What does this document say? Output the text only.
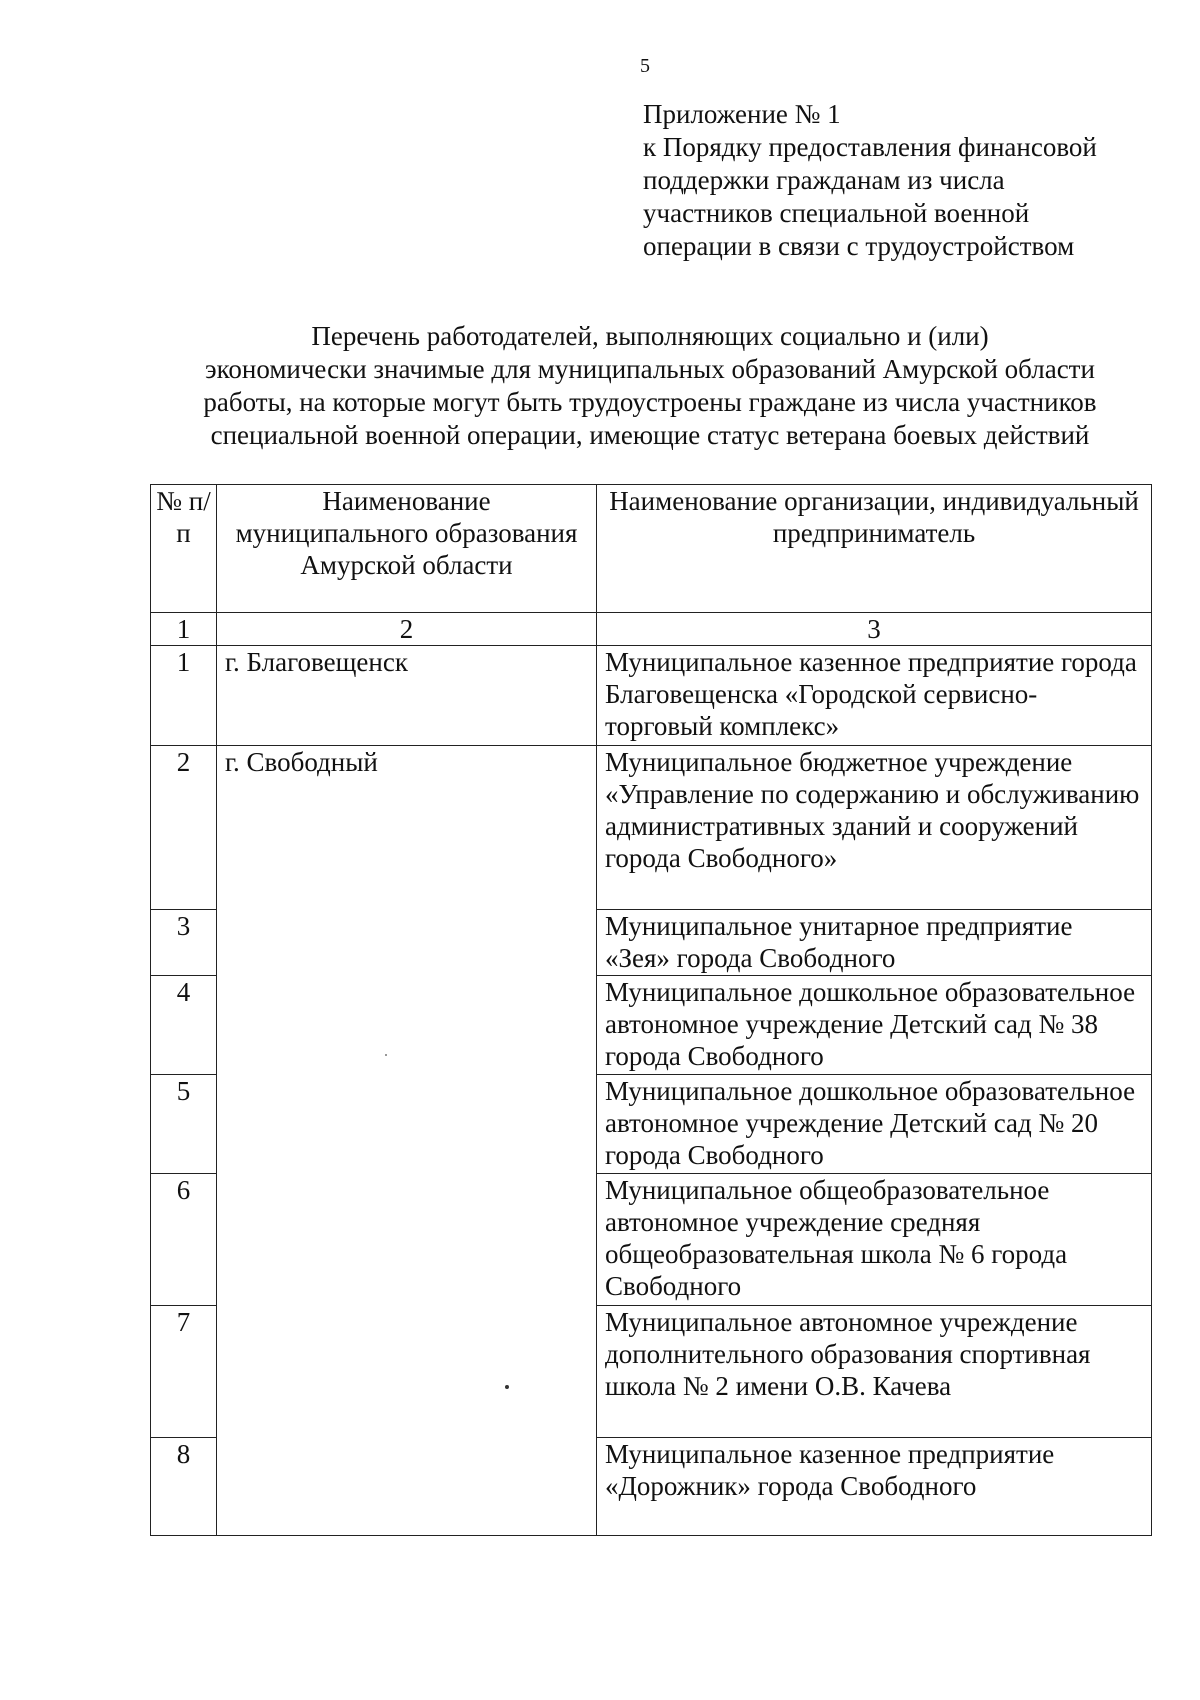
5
Приложение № 1
к Порядку предоставления финансовой
поддержки гражданам из числа
участников специальной военной
операции в связи с трудоустройством
Перечень работодателей, выполняющих социально и (или)
экономически значимые для муниципальных образований Амурской области
работы, на которые могут быть трудоустроены граждане из числа участников
специальной военной операции, имеющие статус ветерана боевых действий
№ п/п	Наименование муниципального образования Амурской области	Наименование организации, индивидуальный предприниматель
1	2	3
1	г. Благовещенск	Муниципальное казенное предприятие города Благовещенска «Городской сервисно-торговый комплекс»
2	г. Свободный	Муниципальное бюджетное учреждение «Управление по содержанию и обслуживанию административных зданий и сооружений города Свободного»
3		Муниципальное унитарное предприятие «Зея» города Свободного
4		Муниципальное дошкольное образовательное автономное учреждение Детский сад № 38 города Свободного
5		Муниципальное дошкольное образовательное автономное учреждение Детский сад № 20 города Свободного
6		Муниципальное общеобразовательное автономное учреждение средняя общеобразовательная школа № 6 города Свободного
7		Муниципальное автономное учреждение дополнительного образования спортивная школа № 2 имени О.В. Качева
8		Муниципальное казенное предприятие «Дорожник» города Свободного
